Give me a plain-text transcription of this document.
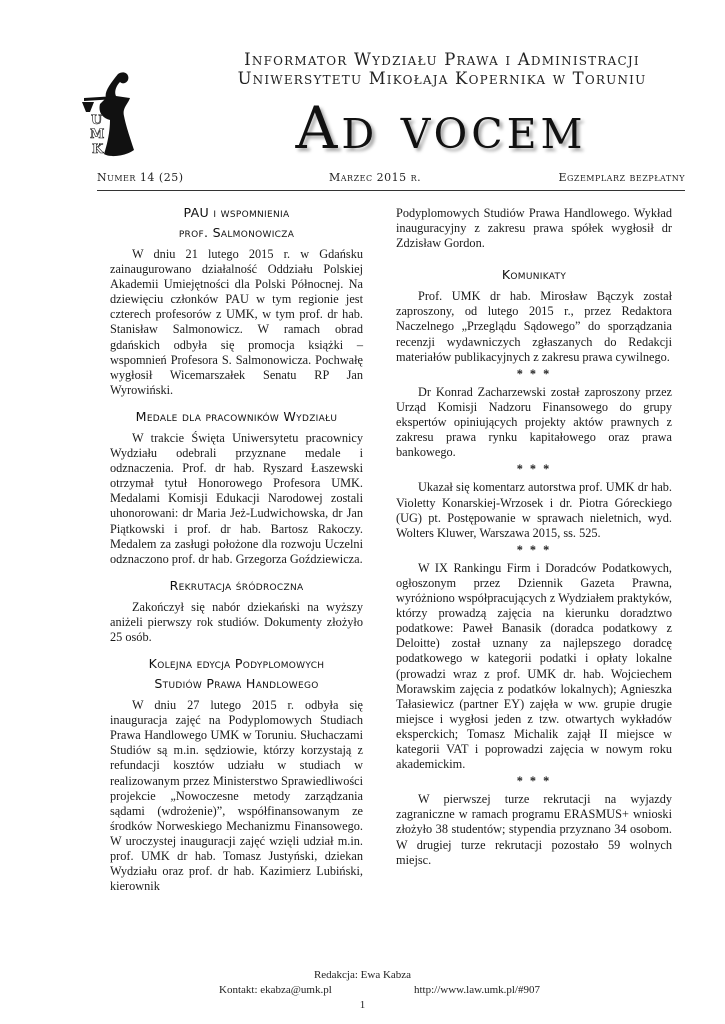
U
M
K
Informator Wydziału Prawa i Administracji
Uniwersytetu Mikołaja Kopernika w Toruniu
Ad vocem
Numer 14 (25)	Marzec 2015 r.	Egzemplarz bezpłatny
PAU i wspomnienia
prof. Salmonowicza

W dniu 21 lutego 2015 r. w Gdańsku zainaugurowano działalność Oddziału Polskiej Akademii Umiejętności dla Polski Północnej. Na dziewięciu członków PAU w tym regionie jest czterech profesorów z UMK, w tym prof. dr hab. Stanisław Salmonowicz. W ramach obrad gdańskich odbyła się promocja książki – wspomnień Profesora S. Salmonowicza. Pochwałę wygłosił Wicemarszałek Senatu RP Jan Wyrowiński.

Medale dla pracowników Wydziału

W trakcie Święta Uniwersytetu pracownicy Wydziału odebrali przyznane medale i odznaczenia. Prof. dr hab. Ryszard Łaszewski otrzymał tytuł Honorowego Profesora UMK. Medalami Komisji Edukacji Narodowej zostali uhonorowani: dr Maria Jeż-Ludwichowska, dr Jan Piątkowski i prof. dr hab. Bartosz Rakoczy. Medalem za zasługi położone dla rozwoju Uczelni odznaczono prof. dr hab. Grzegorza Goździewicza.

Rekrutacja śródroczna

Zakończył się nabór dziekański na wyższy aniżeli pierwszy rok studiów. Dokumenty złożyło 25 osób.

Kolejna edycja Podyplomowych
Studiów Prawa Handlowego

W dniu 27 lutego 2015 r. odbyła się inauguracja zajęć na Podyplomowych Studiach Prawa Handlowego UMK w Toruniu. Słuchaczami Studiów są m.in. sędziowie, którzy korzystają z refundacji kosztów udziału w studiach w realizowanym przez Ministerstwo Sprawiedliwości projekcie „Nowoczesne metody zarządzania sądami (wdrożenie)”, współfinansowanym ze środków Norweskiego Mechanizmu Finansowego. W uroczystej inauguracji zajęć wzięli udział m.in. prof. UMK dr hab. Tomasz Justyński, dziekan Wydziału oraz prof. dr hab. Kazimierz Lubiński, kierownik

Podyplomowych Studiów Prawa Handlowego. Wykład inauguracyjny z zakresu prawa spółek wygłosił dr Zdzisław Gordon.

Komunikaty

Prof. UMK dr hab. Mirosław Bączyk został zaproszony, od lutego 2015 r., przez Redaktora Naczelnego „Przeglądu Sądowego” do sporządzania recenzji wydawniczych zgłaszanych do Redakcji materiałów publikacyjnych z zakresu prawa cywilnego.

* * *

Dr Konrad Zacharzewski został zaproszony przez Urząd Komisji Nadzoru Finansowego do grupy ekspertów opiniujących projekty aktów prawnych z zakresu prawa rynku kapitałowego oraz prawa bankowego.

* * *

Ukazał się komentarz autorstwa prof. UMK dr hab. Violetty Konarskiej-Wrzosek i dr. Piotra Góreckiego (UG) pt. Postępowanie w sprawach nieletnich, wyd. Wolters Kluwer, Warszawa 2015, ss. 525.

* * *

W IX Rankingu Firm i Doradców Podatkowych, ogłoszonym przez Dziennik Gazeta Prawna, wyróżniono współpracujących z Wydziałem praktyków, którzy prowadzą zajęcia na kierunku doradztwo podatkowe: Paweł Banasik (doradca podatkowy z Deloitte) został uznany za najlepszego doradcę podatkowego w kategorii podatki i opłaty lokalne (prowadzi wraz z prof. UMK dr. hab. Wojciechem Morawskim zajęcia z podatków lokalnych); Agnieszka Tałasiewicz (partner EY) zajęła w ww. grupie drugie miejsce i wygłosi jeden z tzw. otwartych wykładów eksperckich; Tomasz Michalik zajął II miejsce w kategorii VAT i poprowadzi zajęcia w nowym roku akademickim.

* * *

W pierwszej turze rekrutacji na wyjazdy zagraniczne w ramach programu ERASMUS+ wnioski złożyło 38 studentów; stypendia przyznano 34 osobom. W drugiej turze rekrutacji pozostało 59 wolnych miejsc.

Redakcja: Ewa Kabza
Kontakt: ekabza@umk.pl	http://www.law.umk.pl/#907
1
